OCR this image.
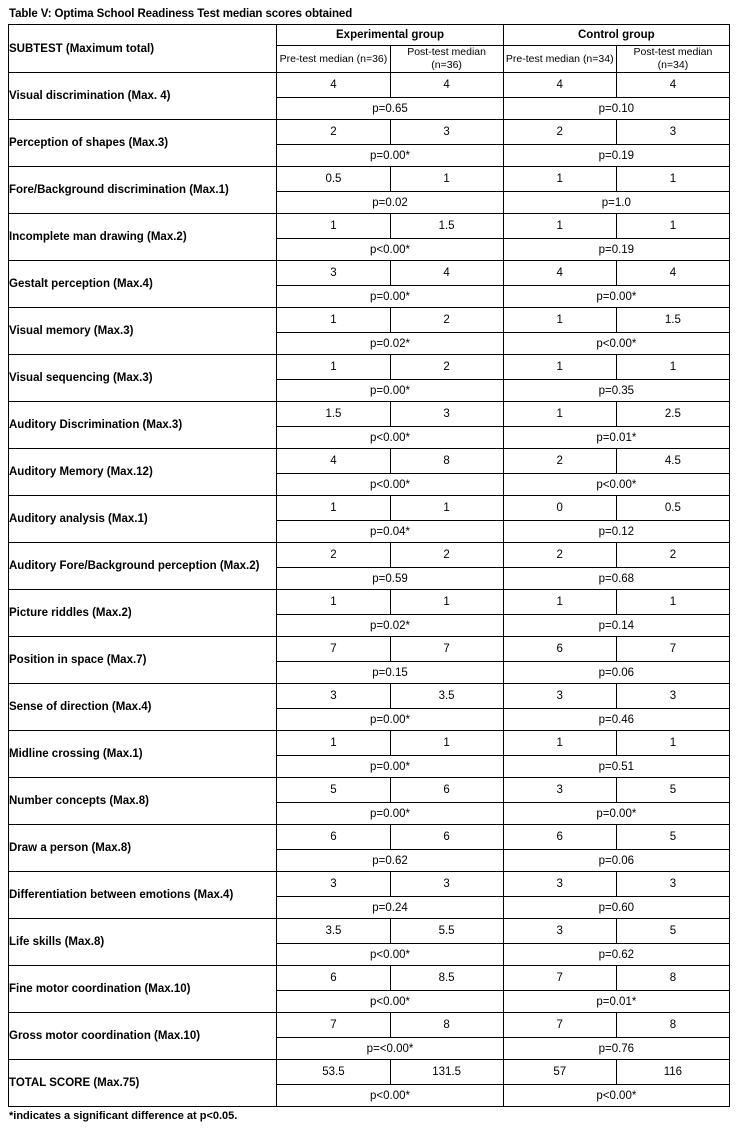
Table V: Optima School Readiness Test median scores obtained
SUBTEST (Maximum total)	Experimental group		Control group	
	Pre-test median (n=36)	Post-test median (n=36)	Pre-test median (n=34)	Post-test median (n=34)
Visual discrimination (Max. 4)	4	4	4	4
	p=0.65		p=0.10	
Perception of shapes (Max.3)	2	3	2	3
	p=0.00*		p=0.19	
Fore/Background discrimination (Max.1)	0.5	1	1	1
	p=0.02		p=1.0	
Incomplete man drawing (Max.2)	1	1.5	1	1
	p<0.00*		p=0.19	
Gestalt perception (Max.4)	3	4	4	4
	p=0.00*		p=0.00*	
Visual memory (Max.3)	1	2	1	1.5
	p=0.02*		p<0.00*	
Visual sequencing (Max.3)	1	2	1	1
	p=0.00*		p=0.35	
Auditory Discrimination (Max.3)	1.5	3	1	2.5
	p<0.00*		p=0.01*	
Auditory Memory (Max.12)	4	8	2	4.5
	p<0.00*		p<0.00*	
Auditory analysis (Max.1)	1	1	0	0.5
	p=0.04*		p=0.12	
Auditory Fore/Background perception (Max.2)	2	2	2	2
	p=0.59		p=0.68	
Picture riddles (Max.2)	1	1	1	1
	p=0.02*		p=0.14	
Position in space (Max.7)	7	7	6	7
	p=0.15		p=0.06	
Sense of direction (Max.4)	3	3.5	3	3
	p=0.00*		p=0.46	
Midline crossing (Max.1)	1	1	1	1
	p=0.00*		p=0.51	
Number concepts (Max.8)	5	6	3	5
	p=0.00*		p=0.00*	
Draw a person (Max.8)	6	6	6	5
	p=0.62		p=0.06	
Differentiation between emotions (Max.4)	3	3	3	3
	p=0.24		p=0.60	
Life skills (Max.8)	3.5	5.5	3	5
	p<0.00*		p=0.62	
Fine motor coordination (Max.10)	6	8.5	7	8
	p<0.00*		p=0.01*	
Gross motor coordination (Max.10)	7	8	7	8
	p=<0.00*		p=0.76	
TOTAL SCORE (Max.75)	53.5	131.5	57	116
	p<0.00*		p<0.00*	
*indicates a significant difference at p<0.05.
